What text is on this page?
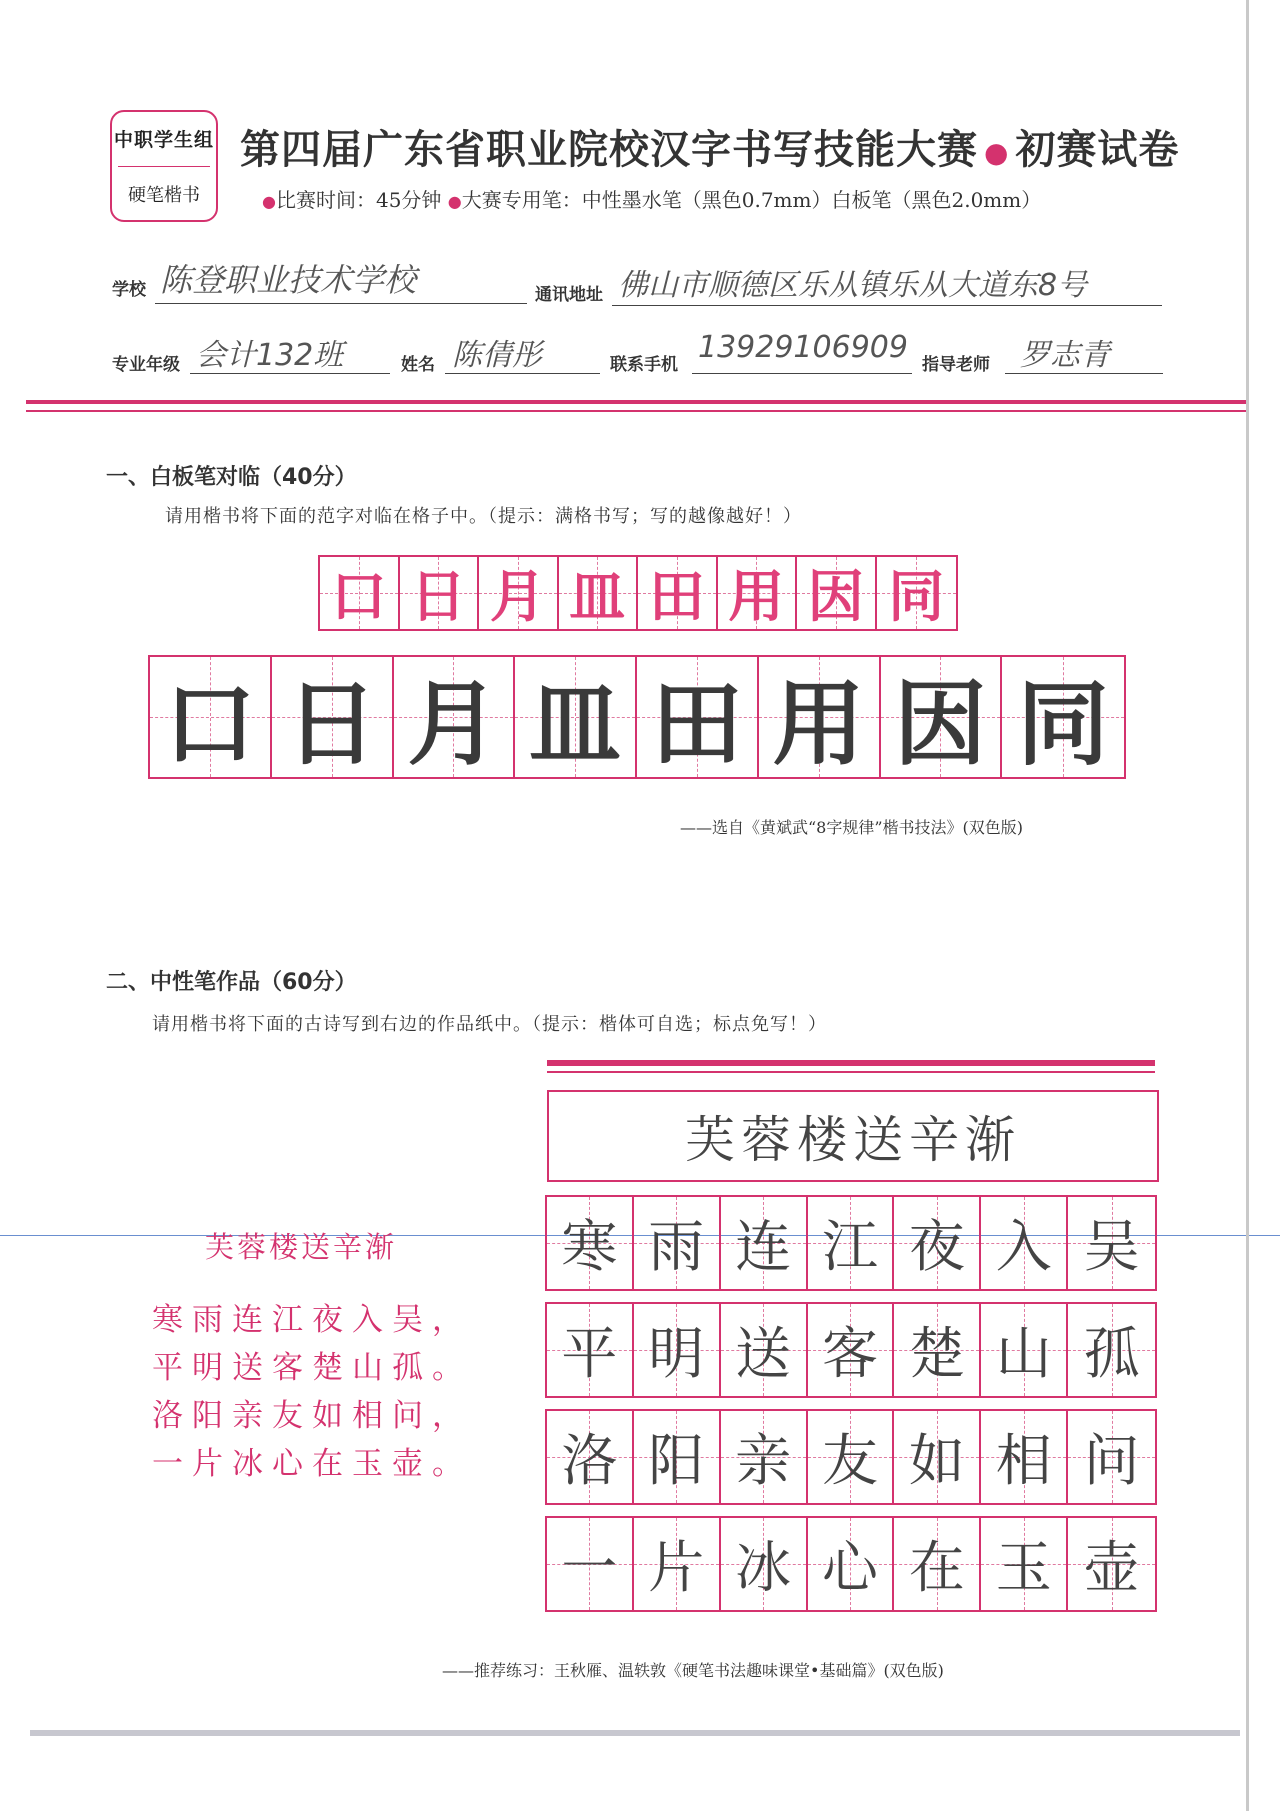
中职学生组
硬笔楷书
第四届广东省职业院校汉字书写技能大赛 ● 初赛试卷
●比赛时间：45分钟 ●大赛专用笔：中性墨水笔（黑色0.7mm）白板笔（黑色2.0mm）
学校 陈登职业技术学校	通讯地址 佛山市顺德区乐从镇乐从大道东8号
专业年级 会计132班	姓名 陈倩彤	联系手机 13929106909 指导老师 罗志青
一、白板笔对临（40分）
请用楷书将下面的范字对临在格子中。（提示：满格书写；写的越像越好！）
口 日 月 皿 田 用 因 同
口 日 月 皿 田 用 因 同
——选自《黄斌武“8字规律”楷书技法》(双色版)
二、中性笔作品（60分）
请用楷书将下面的古诗写到右边的作品纸中。（提示：楷体可自选；标点免写！）
芙蓉楼送辛渐
寒雨连江夜入吴，
平明送客楚山孤。
洛阳亲友如相问，
一片冰心在玉壶。
芙蓉楼送辛渐
寒 雨 连 江 夜 入 吴
平 明 送 客 楚 山 孤
洛 阳 亲 友 如 相 问
一 片 冰 心 在 玉 壶
——推荐练习：王秋雁、温轶敦《硬笔书法趣味课堂•基础篇》(双色版)
